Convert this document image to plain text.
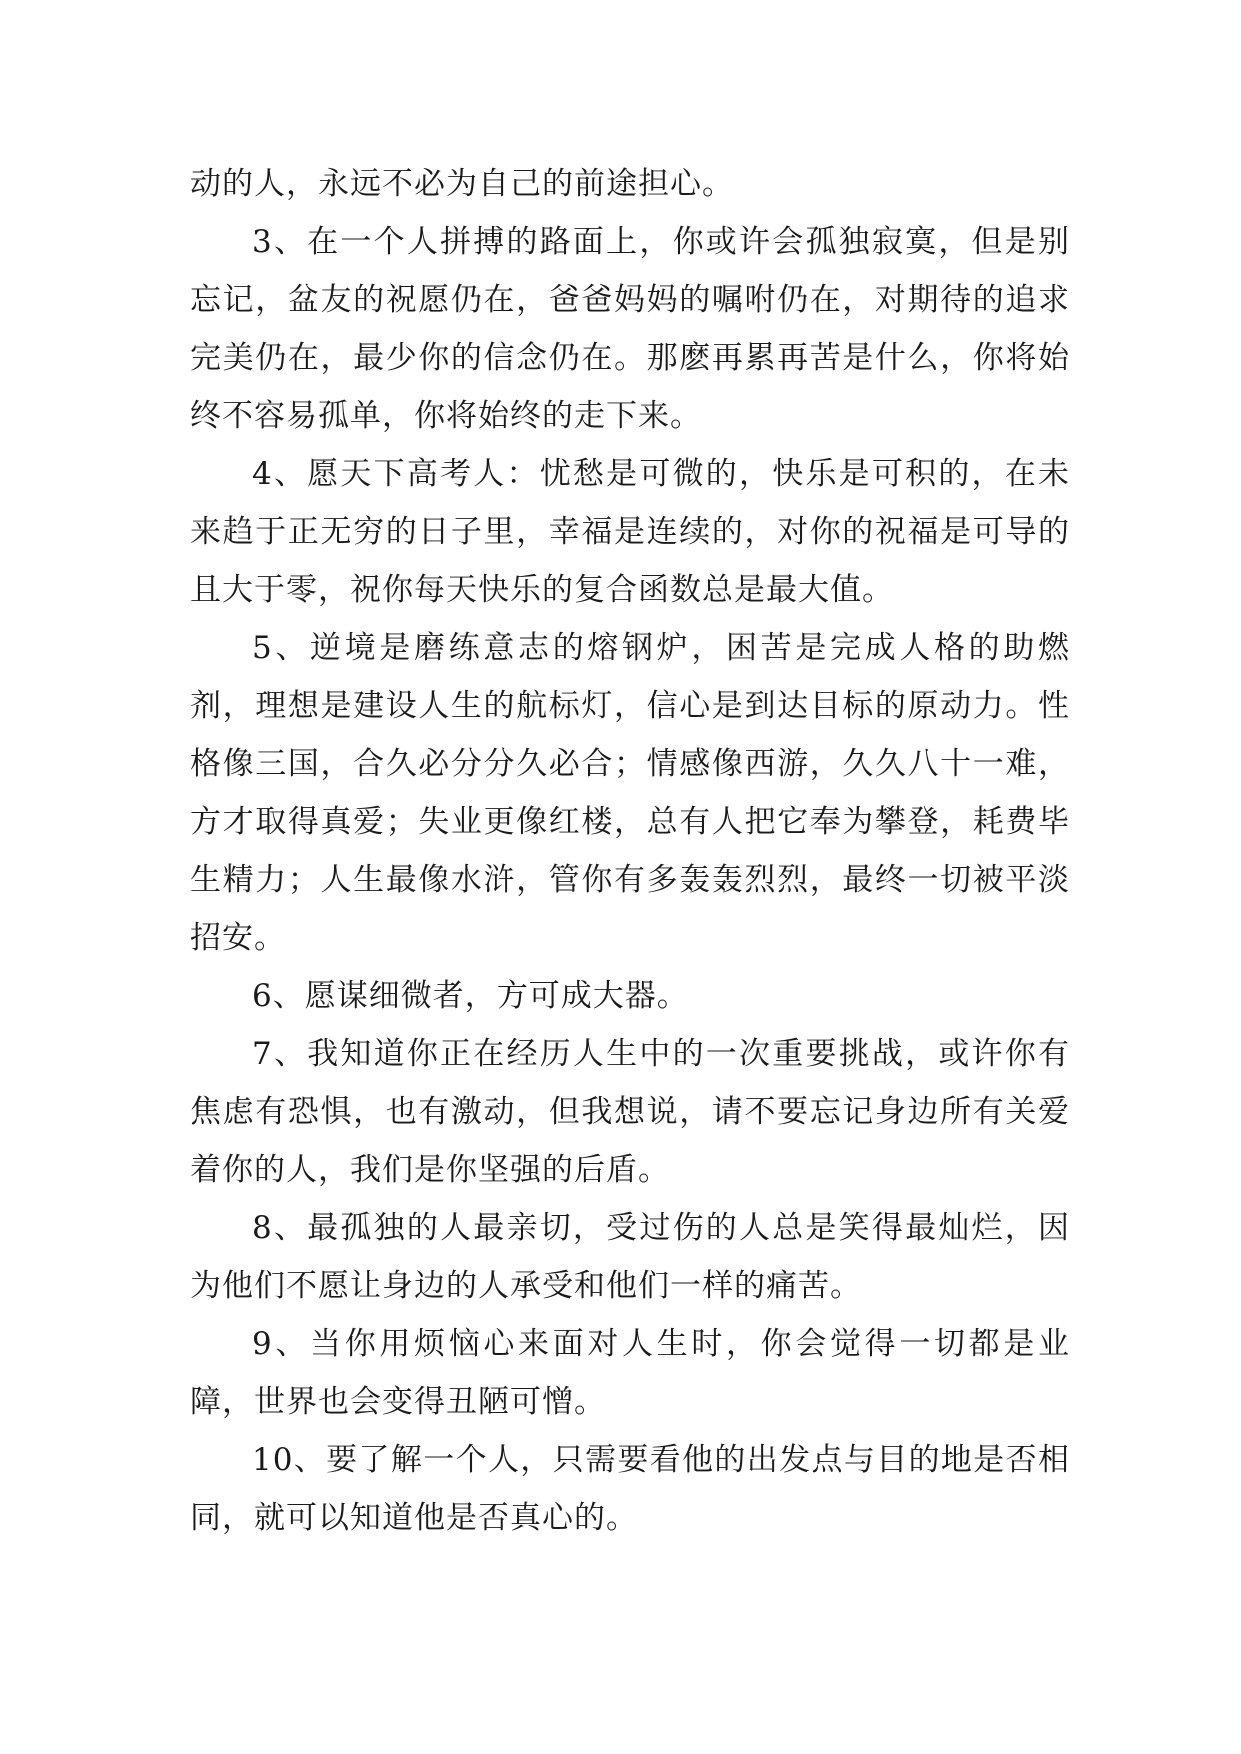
动的人，永远不必为自己的前途担心。

3、在一个人拼搏的路面上，你或许会孤独寂寞，但是别忘记，盆友的祝愿仍在，爸爸妈妈的嘱咐仍在，对期待的追求完美仍在，最少你的信念仍在。那麽再累再苦是什么，你将始终不容易孤单，你将始终的走下来。

4、愿天下高考人：忧愁是可微的，快乐是可积的，在未来趋于正无穷的日子里，幸福是连续的，对你的祝福是可导的且大于零，祝你每天快乐的复合函数总是最大值。

5、逆境是磨练意志的熔钢炉，困苦是完成人格的助燃剂，理想是建设人生的航标灯，信心是到达目标的原动力。性格像三国，合久必分分久必合；情感像西游，久久八十一难，方才取得真爱；失业更像红楼，总有人把它奉为攀登，耗费毕生精力；人生最像水浒，管你有多轰轰烈烈，最终一切被平淡招安。

6、愿谋细微者，方可成大器。

7、我知道你正在经历人生中的一次重要挑战，或许你有焦虑有恐惧，也有激动，但我想说，请不要忘记身边所有关爱着你的人，我们是你坚强的后盾。

8、最孤独的人最亲切，受过伤的人总是笑得最灿烂，因为他们不愿让身边的人承受和他们一样的痛苦。

9、当你用烦恼心来面对人生时，你会觉得一切都是业障，世界也会变得丑陋可憎。

10、要了解一个人，只需要看他的出发点与目的地是否相同，就可以知道他是否真心的。
